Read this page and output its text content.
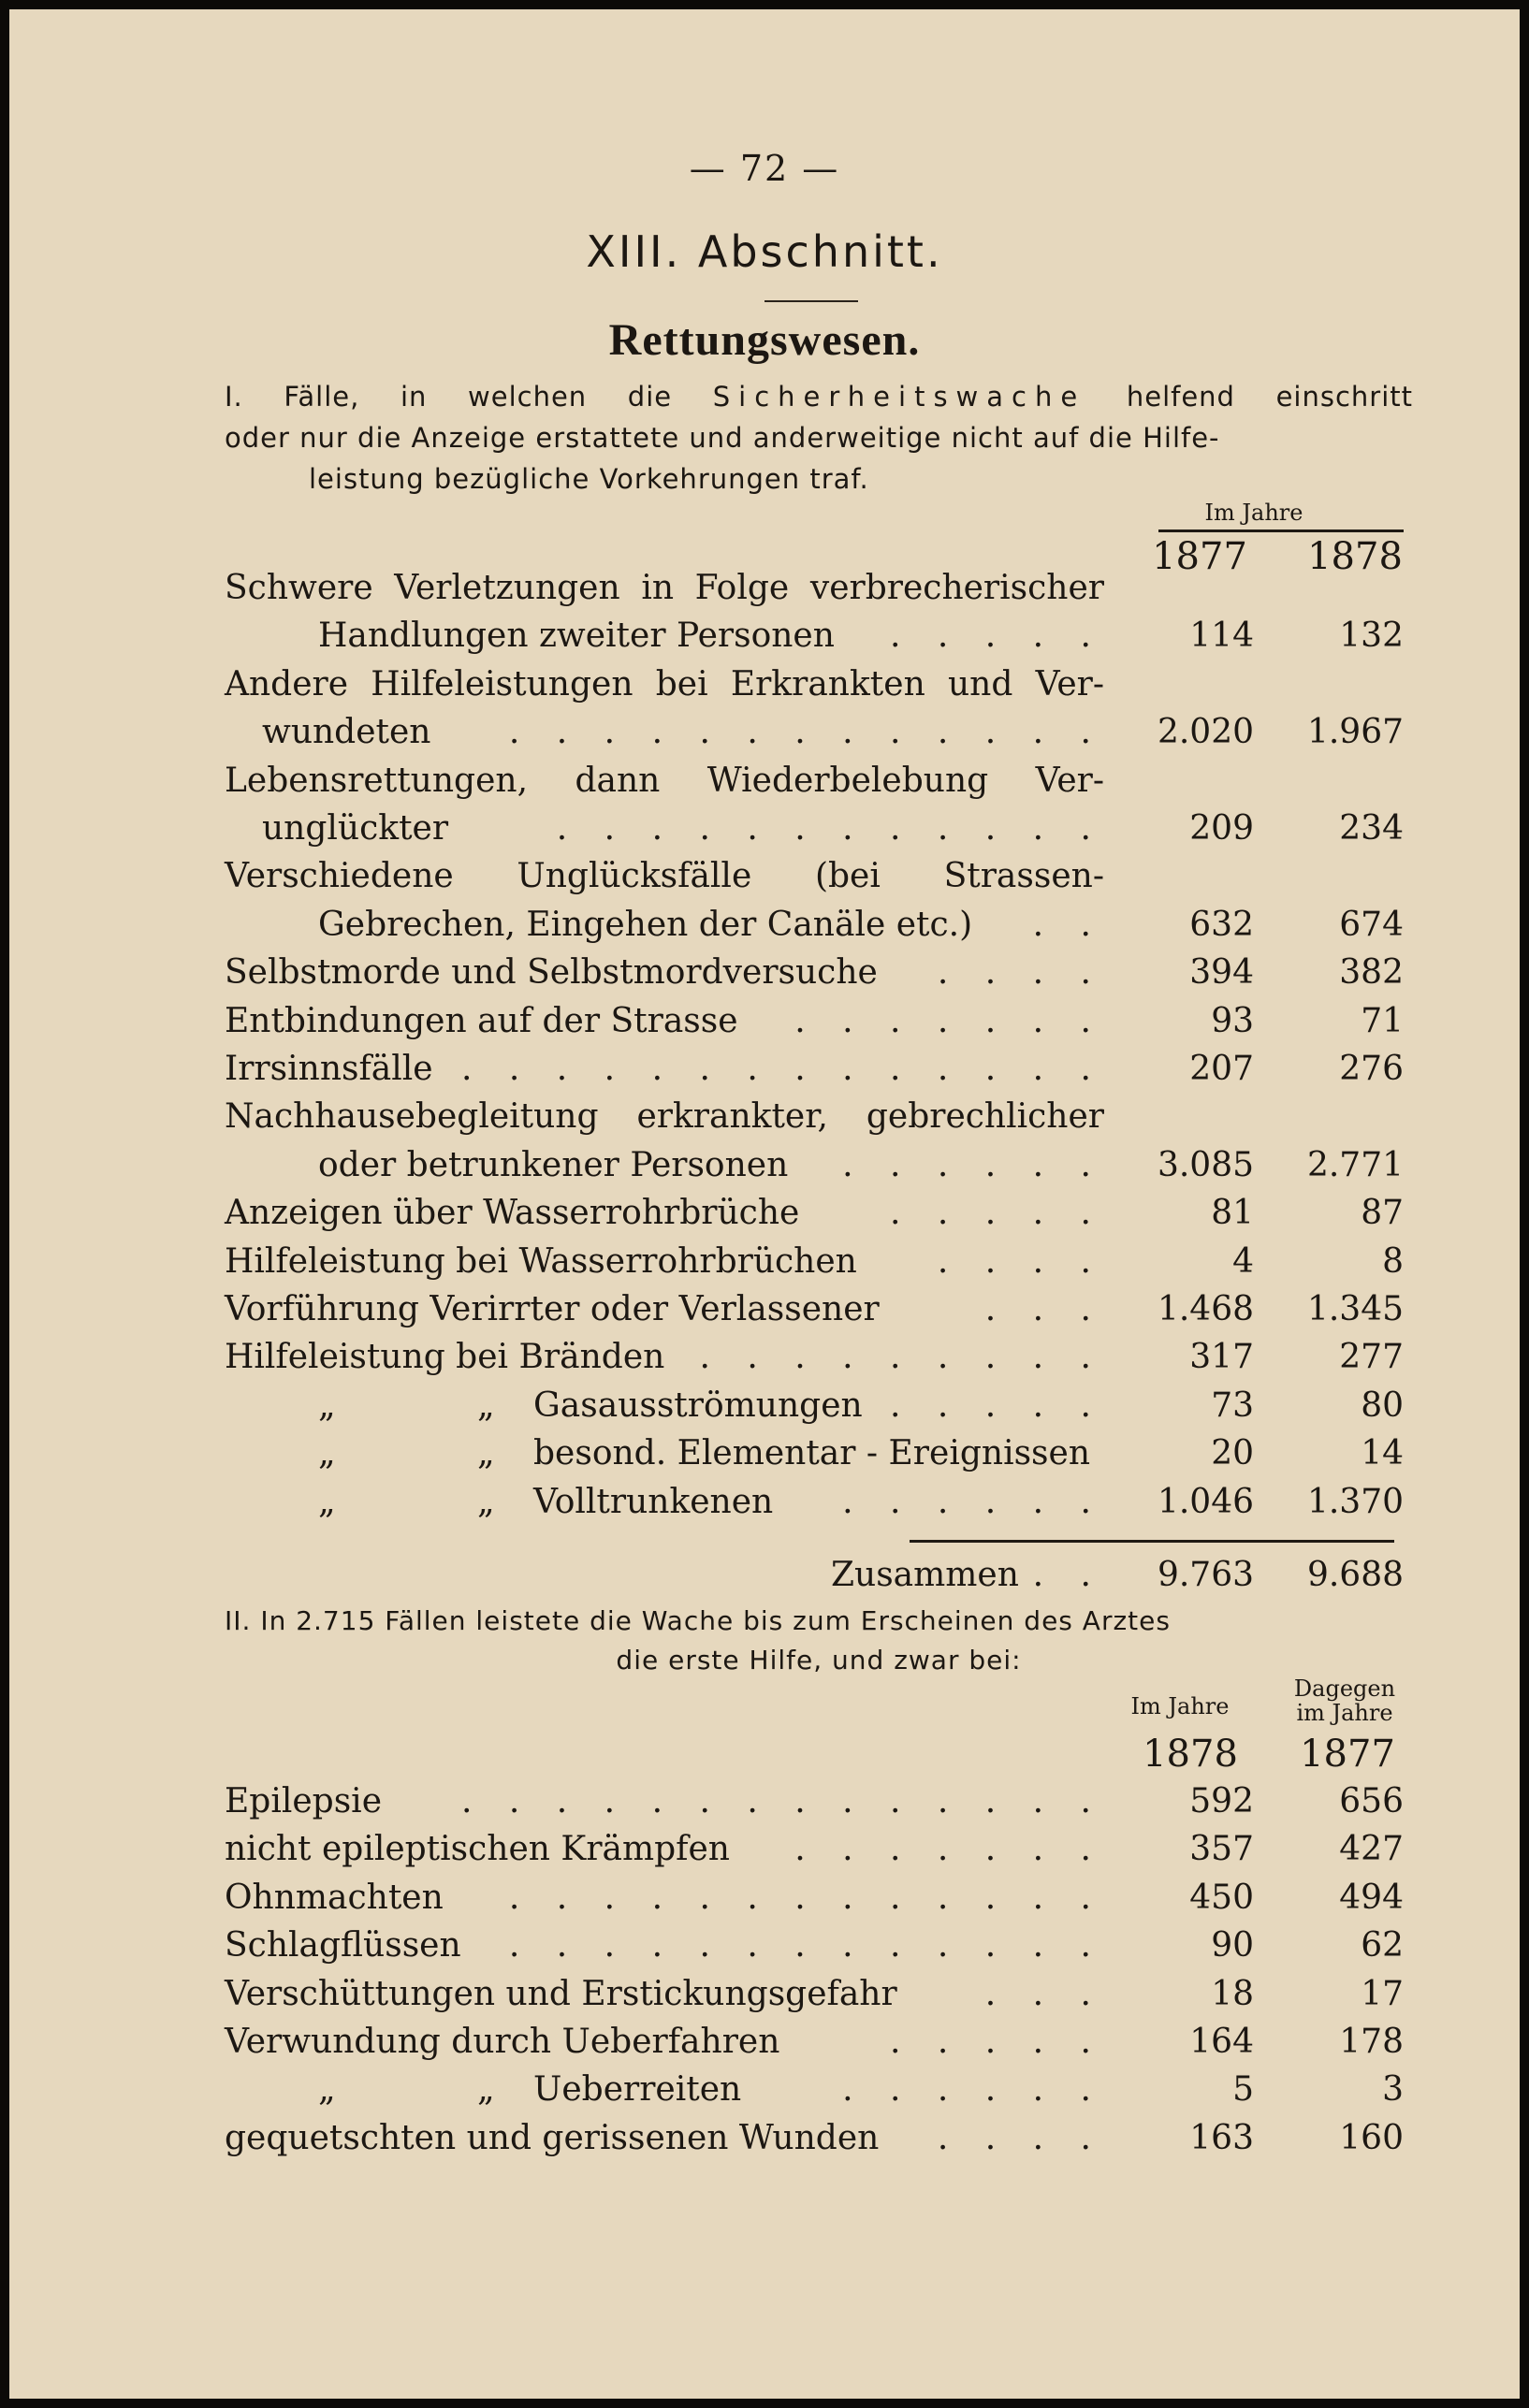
— 72 —
XIII. Abschnitt.
Rettungswesen.
I. Fälle, in welchen die Sicherheitswache helfend einschritt
oder nur die Anzeige erstattete und anderweitige nicht auf die Hilfe-
leistung bezügliche Vorkehrungen traf.
Im Jahre
1877 1878
Schwere Verletzungen in Folge verbrecherischer
Handlungen zweiter Personen	. . . . .	114	132
Andere Hilfeleistungen bei Erkrankten und Ver-
wundeten	. . . . . . . . . . . . .	2.020	1.967
Lebensrettungen,  dann  Wiederbelebung  Ver-
unglückter	. . . . . . . . . . . .	209	234
Verschiedene  Unglücksfälle  (bei  Strassen-
Gebrechen, Eingehen der Canäle etc.)	. .	632	674
Selbstmorde und Selbstmordversuche	. . . .	394	382
Entbindungen auf der Strasse	. . . . . . .	93	71
Irrsinnsfälle . . . . . . . . . . . . . .	207	276
Nachhausebegleitung  erkrankter,  gebrechlicher
oder betrunkener Personen	. . . . . .	3.085	2.771
Anzeigen über Wasserrohrbrüche	. . . . .	81	87
Hilfeleistung bei Wasserrohrbrüchen	. . . .	4	8
Vorführung Verirrter oder Verlassener	. . .	1.468	1.345
Hilfeleistung bei Bränden	. . . . . . . . .	317	277
„	„ Gasausströmungen . . . . .	73	80
„	„ besond. Elementar - Ereignissen	20	14
„	„ Volltrunkenen	. . . . . .	1.046	1.370
Zusammen . .	9.763	9.688
II. In 2.715 Fällen leistete die Wache bis zum Erscheinen des Arztes
die erste Hilfe, und zwar bei:
Im Jahre
Dagegen
im Jahre
1878 1877
Epilepsie	. . . . . . . . . . . . . .	592	656
nicht epileptischen Krämpfen	. . . . . . .	357	427
Ohnmachten	. . . . . . . . . . . . .	450	494
Schlagflüssen	. . . . . . . . . . . . .	90	62
Verschüttungen und Erstickungsgefahr	. . .	18	17
Verwundung durch Ueberfahren	. . . . .	164	178
„	„ Ueberreiten	. . . . . .	5	3
gequetschten und gerissenen Wunden	. . . .	163	160
